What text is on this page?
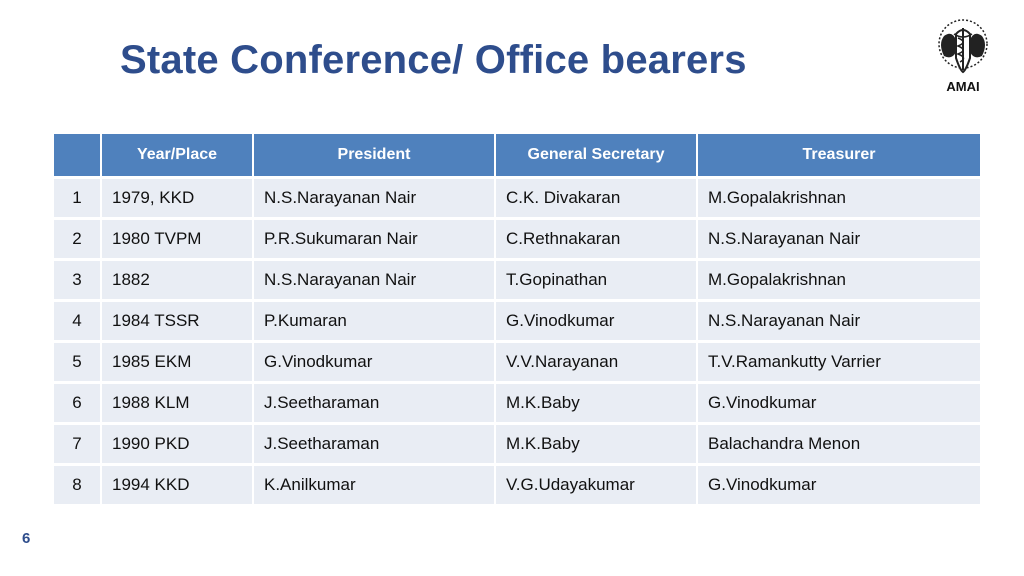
State Conference/ Office bearers
AMAI
	Year/Place	President	General Secretary	Treasurer
1	1979, KKD	N.S.Narayanan Nair	C.K. Divakaran	M.Gopalakrishnan
2	1980 TVPM	P.R.Sukumaran Nair	C.Rethnakaran	N.S.Narayanan Nair
3	1882	N.S.Narayanan Nair	T.Gopinathan	M.Gopalakrishnan
4	1984 TSSR	P.Kumaran	G.Vinodkumar	N.S.Narayanan Nair
5	1985 EKM	G.Vinodkumar	V.V.Narayanan	T.V.Ramankutty Varrier
6	1988 KLM	J.Seetharaman	M.K.Baby	G.Vinodkumar
7	1990 PKD	J.Seetharaman	M.K.Baby	Balachandra Menon
8	1994 KKD	K.Anilkumar	V.G.Udayakumar	G.Vinodkumar
6
